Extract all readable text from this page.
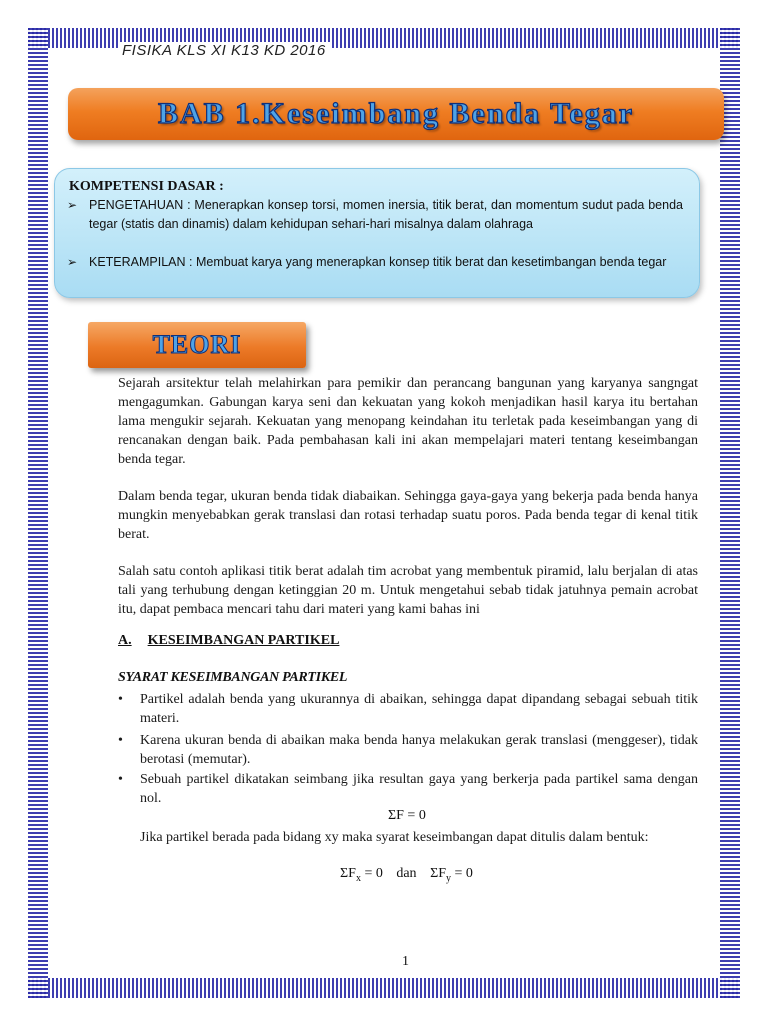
FISIKA KLS XI K13 KD 2016
BAB 1.Keseimbang Benda Tegar
KOMPETENSI DASAR :
➢ PENGETAHUAN : Menerapkan konsep torsi, momen inersia, titik berat, dan momentum sudut pada benda tegar (statis dan dinamis) dalam kehidupan sehari-hari misalnya dalam olahraga
➢ KETERAMPILAN : Membuat karya yang menerapkan konsep titik berat dan kesetimbangan benda tegar
TEORI
Sejarah arsitektur telah melahirkan para pemikir dan perancang bangunan yang karyanya sangngat mengagumkan. Gabungan karya seni dan kekuatan yang kokoh menjadikan hasil karya itu bertahan lama mengukir sejarah. Kekuatan yang menopang keindahan itu terletak pada keseimbangan yang di rencanakan dengan baik. Pada pembahasan kali ini akan mempelajari materi tentang keseimbangan benda tegar.
Dalam benda tegar, ukuran benda tidak diabaikan. Sehingga gaya-gaya yang bekerja pada benda hanya mungkin menyebabkan gerak translasi dan rotasi terhadap suatu poros. Pada benda tegar di kenal titik berat.
Salah satu contoh aplikasi titik berat adalah tim acrobat yang membentuk piramid, lalu berjalan di atas tali yang terhubung dengan ketinggian 20 m. Untuk mengetahui sebab tidak jatuhnya pemain acrobat itu, dapat pembaca mencari tahu dari materi yang kami bahas ini
A. KESEIMBANGAN PARTIKEL
SYARAT KESEIMBANGAN PARTIKEL
• Partikel adalah benda yang ukurannya di abaikan, sehingga dapat dipandang sebagai sebuah titik materi.
• Karena ukuran benda di abaikan maka benda hanya melakukan gerak translasi (menggeser), tidak berotasi (memutar).
• Sebuah partikel dikatakan seimbang jika resultan gaya yang berkerja pada partikel sama dengan nol.
ΣF = 0
Jika partikel berada pada bidang xy maka syarat keseimbangan dapat ditulis dalam bentuk:
$\Sigma F_x = 0$ dan $\Sigma F_y = 0$
1
